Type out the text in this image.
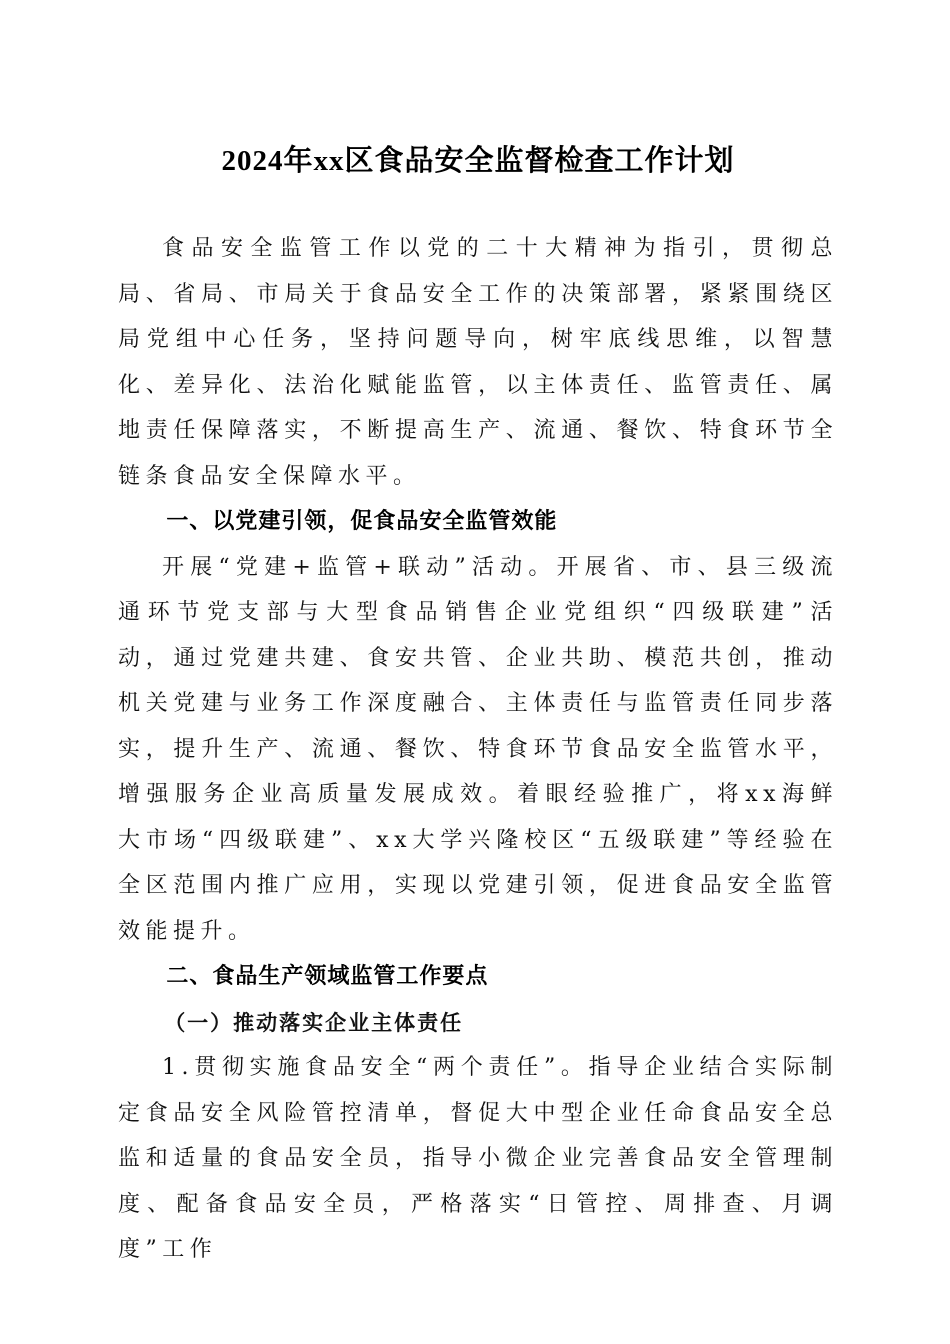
2024年xx区食品安全监督检查工作计划

食品安全监管工作以党的二十大精神为指引，贯彻总局、省局、市局关于食品安全工作的决策部署，紧紧围绕区局党组中心任务，坚持问题导向，树牢底线思维，以智慧化、差异化、法治化赋能监管，以主体责任、监管责任、属地责任保障落实，不断提高生产、流通、餐饮、特食环节全链条食品安全保障水平。

一、以党建引领，促食品安全监管效能

开展“党建+监管+联动”活动。开展省、市、县三级流通环节党支部与大型食品销售企业党组织“四级联建”活动，通过党建共建、食安共管、企业共助、模范共创，推动机关党建与业务工作深度融合、主体责任与监管责任同步落实，提升生产、流通、餐饮、特食环节食品安全监管水平，增强服务企业高质量发展成效。着眼经验推广，将xx海鲜大市场“四级联建”、xx大学兴隆校区“五级联建”等经验在全区范围内推广应用，实现以党建引领，促进食品安全监管效能提升。

二、食品生产领域监管工作要点
（一）推动落实企业主体责任

1.贯彻实施食品安全“两个责任”。指导企业结合实际制定食品安全风险管控清单，督促大中型企业任命食品安全总监和适量的食品安全员，指导小微企业完善食品安全管理制度、配备食品安全员，严格落实“日管控、周排查、月调度”工作
